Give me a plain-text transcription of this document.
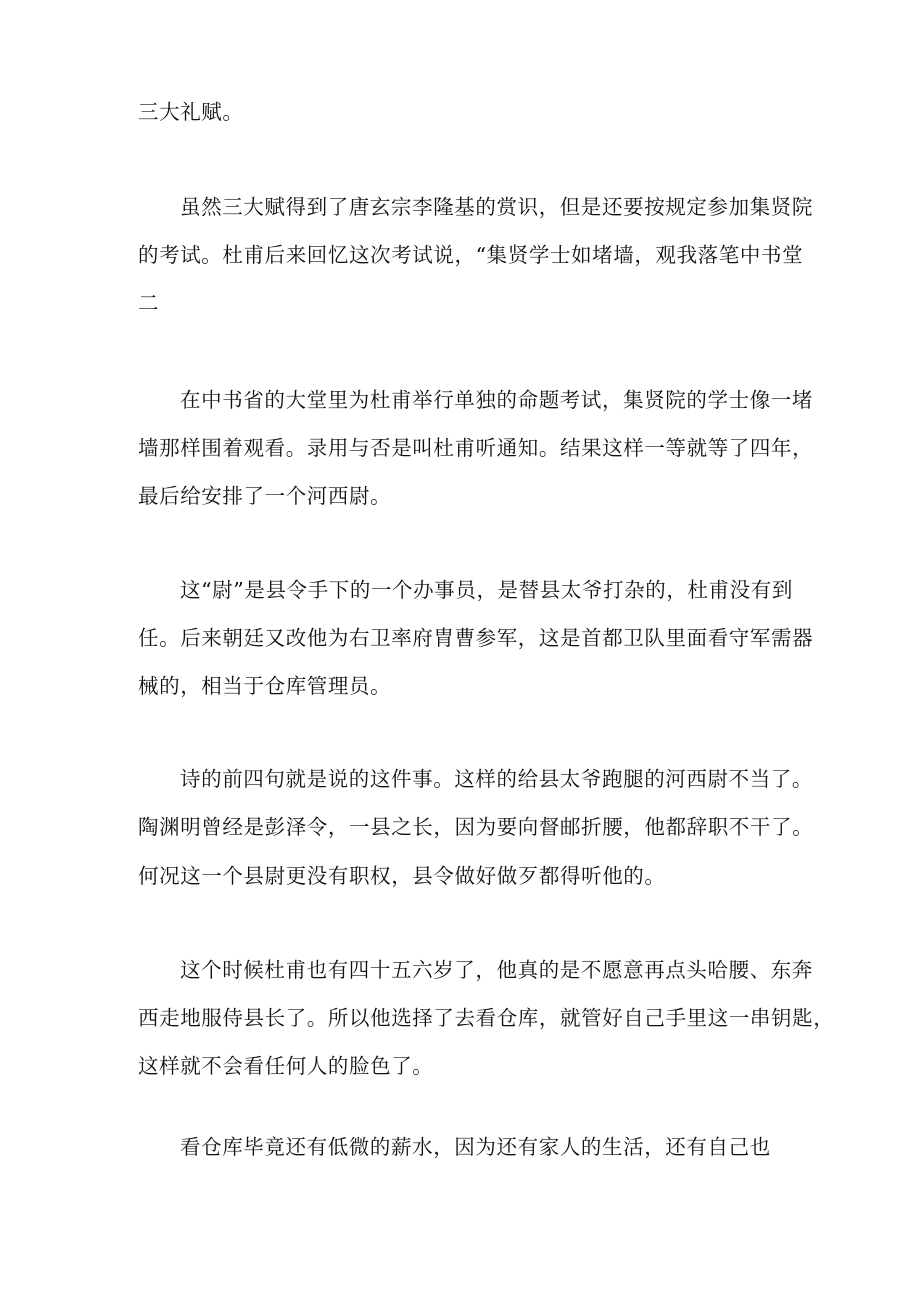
三大礼赋。
虽然三大赋得到了唐玄宗李隆基的赏识，但是还要按规定参加集贤院
的考试。杜甫后来回忆这次考试说，“集贤学士如堵墙，观我落笔中书堂
二
在中书省的大堂里为杜甫举行单独的命题考试，集贤院的学士像一堵
墙那样围着观看。录用与否是叫杜甫听通知。结果这样一等就等了四年，
最后给安排了一个河西尉。
这“尉”是县令手下的一个办事员，是替县太爷打杂的，杜甫没有到
任。后来朝廷又改他为右卫率府胄曹参军，这是首都卫队里面看守军需器
械的，相当于仓库管理员。
诗的前四句就是说的这件事。这样的给县太爷跑腿的河西尉不当了。
陶渊明曾经是彭泽令，一县之长，因为要向督邮折腰，他都辞职不干了。
何况这一个县尉更没有职权，县令做好做歹都得听他的。
这个时候杜甫也有四十五六岁了，他真的是不愿意再点头哈腰、东奔
西走地服侍县长了。所以他选择了去看仓库，就管好自己手里这一串钥匙，
这样就不会看任何人的脸色了。
看仓库毕竟还有低微的薪水，因为还有家人的生活，还有自己也
